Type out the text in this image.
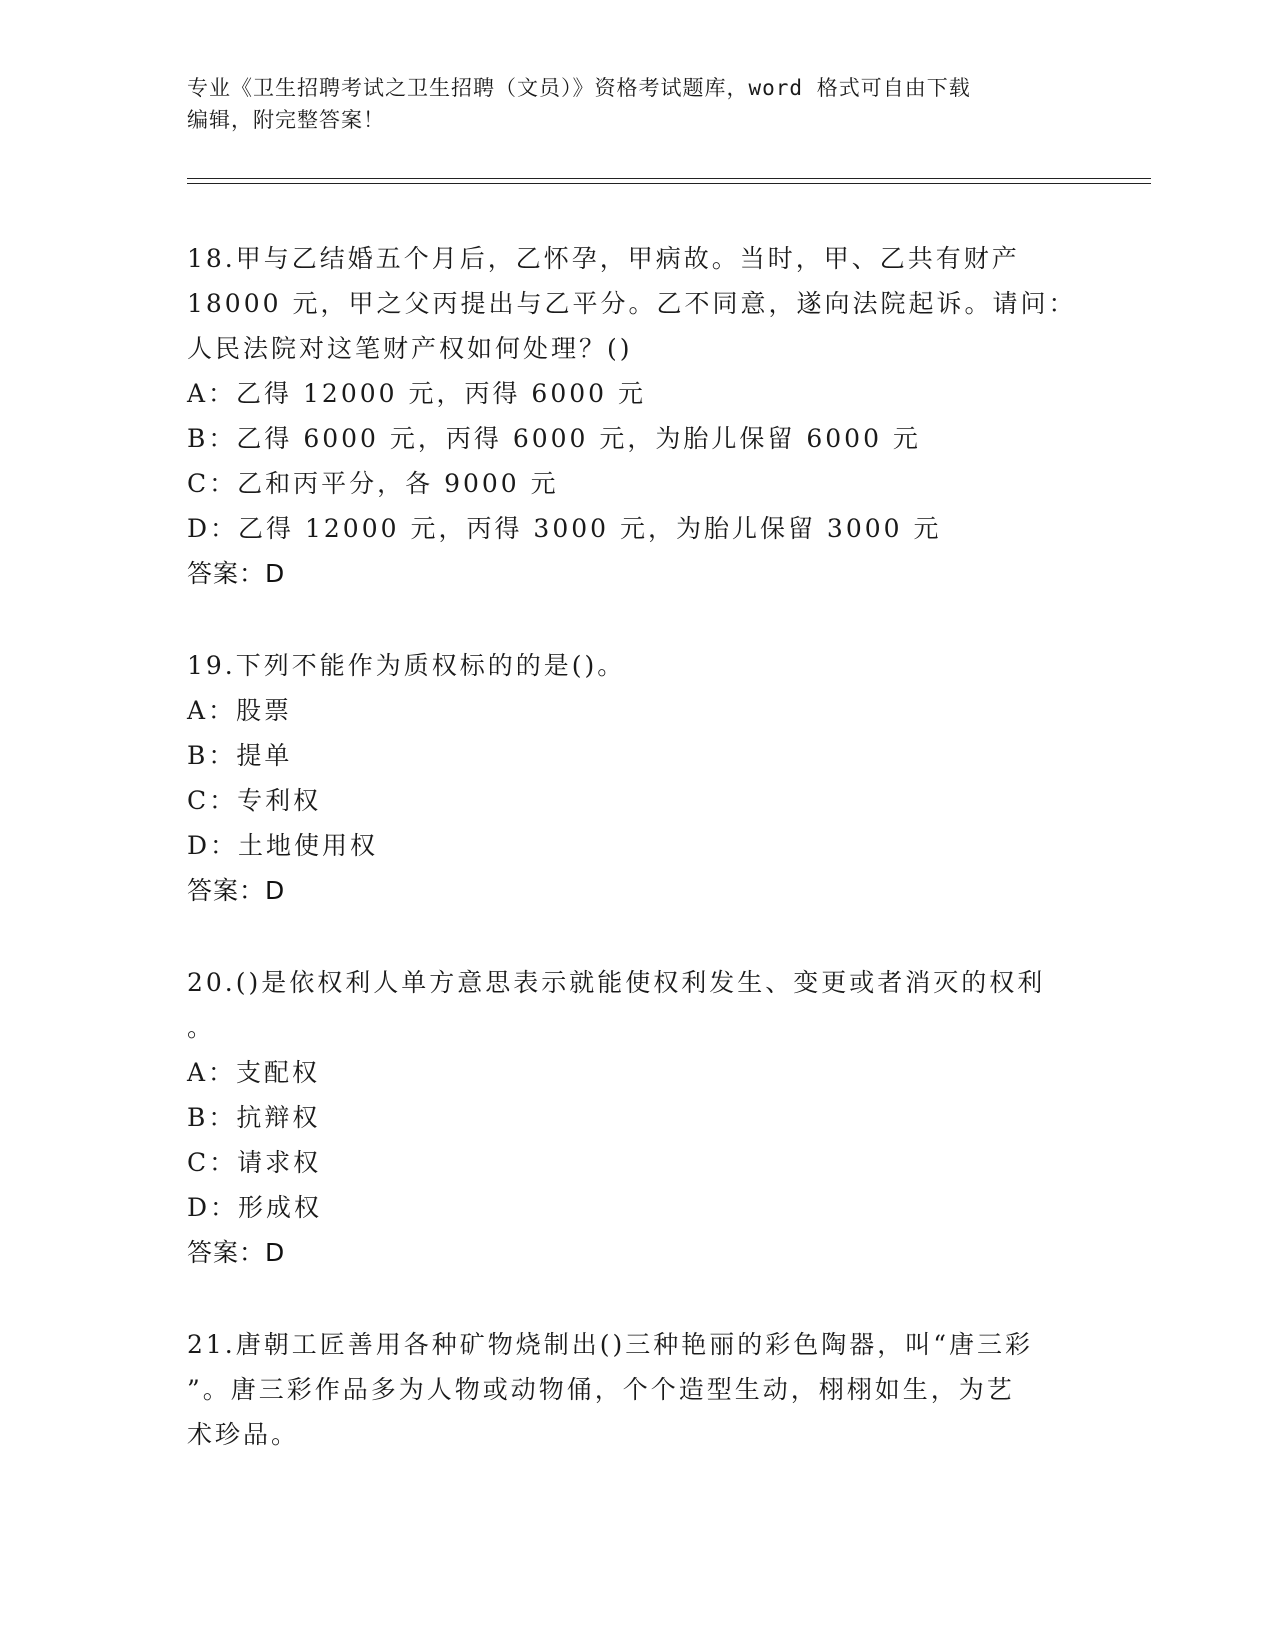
专业《卫生招聘考试之卫生招聘（文员）》资格考试题库，word 格式可自由下载
编辑，附完整答案！
18.甲与乙结婚五个月后，乙怀孕，甲病故。当时，甲、乙共有财产
18000 元，甲之父丙提出与乙平分。乙不同意，遂向法院起诉。请问：
人民法院对这笔财产权如何处理？()
A：乙得 12000 元，丙得 6000 元
B：乙得 6000 元，丙得 6000 元，为胎儿保留 6000 元
C：乙和丙平分，各 9000 元
D：乙得 12000 元，丙得 3000 元，为胎儿保留 3000 元
答案：D
19.下列不能作为质权标的的是()。
A：股票
B：提单
C：专利权
D：土地使用权
答案：D
20.()是依权利人单方意思表示就能使权利发生、变更或者消灭的权利
。
A：支配权
B：抗辩权
C：请求权
D：形成权
答案：D
21.唐朝工匠善用各种矿物烧制出()三种艳丽的彩色陶器，叫“唐三彩
”。唐三彩作品多为人物或动物俑，个个造型生动，栩栩如生，为艺
术珍品。
